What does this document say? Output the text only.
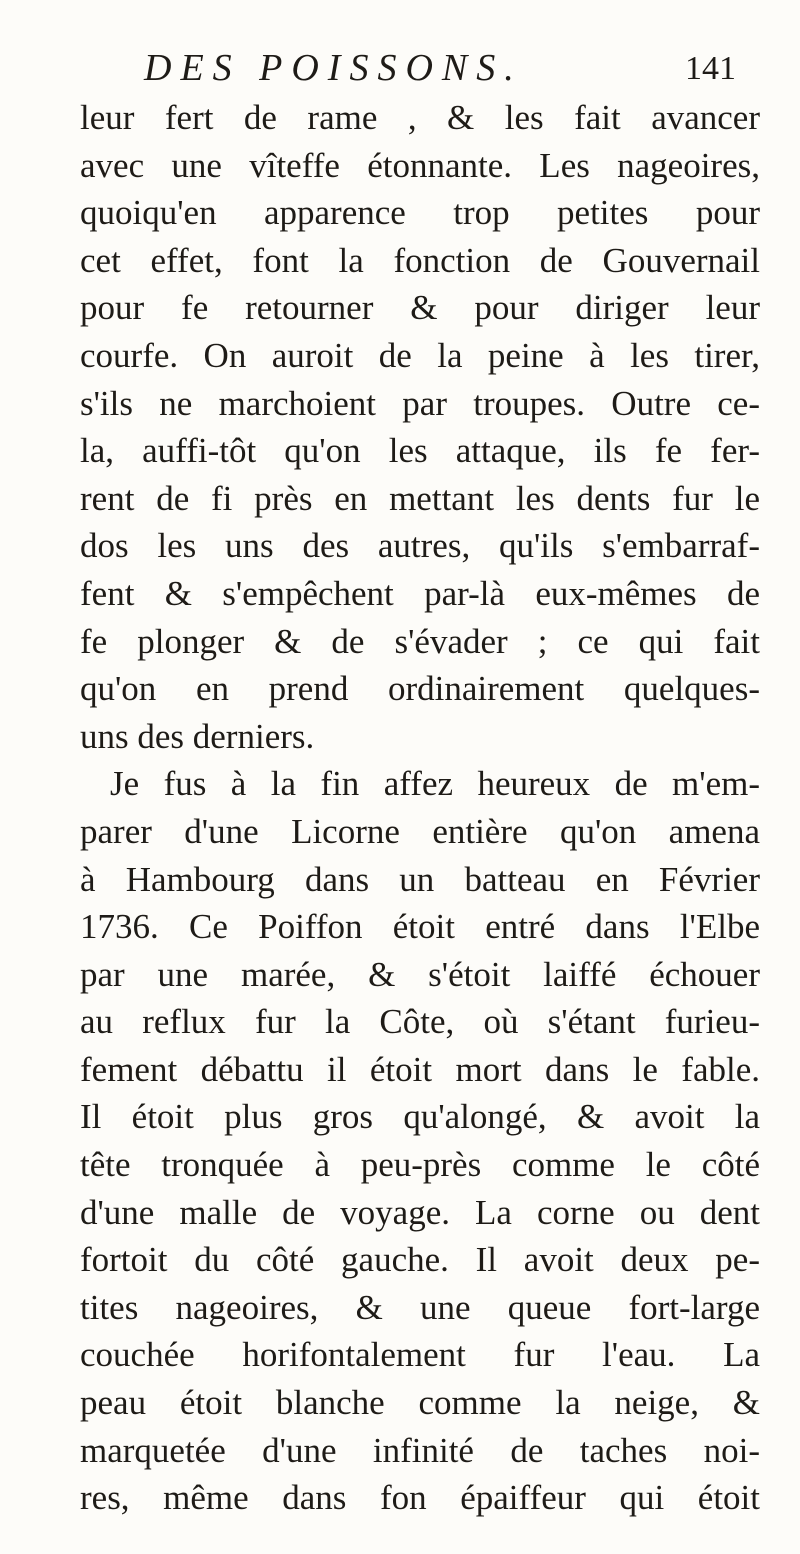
DES POISSONS.	141
leur fert de rame , & les fait avancer
avec une vîteffe étonnante. Les nageoires,
quoiqu'en apparence trop petites pour
cet effet, font la fonction de Gouvernail
pour fe retourner & pour diriger leur
courfe. On auroit de la peine à les tirer,
s'ils ne marchoient par troupes. Outre ce-
la, auffi-tôt qu'on les attaque, ils fe fer-
rent de fi près en mettant les dents fur le
dos les uns des autres, qu'ils s'embarraf-
fent & s'empêchent par-là eux-mêmes de
fe plonger & de s'évader ; ce qui fait
qu'on en prend ordinairement quelques-
uns des derniers.
Je fus à la fin affez heureux de m'em-
parer d'une Licorne entière qu'on amena
à Hambourg dans un batteau en Février
1736. Ce Poiffon étoit entré dans l'Elbe
par une marée, & s'étoit laiffé échouer
au reflux fur la Côte, où s'étant furieu-
fement débattu il étoit mort dans le fable.
Il étoit plus gros qu'alongé, & avoit la
tête tronquée à peu-près comme le côté
d'une malle de voyage. La corne ou dent
fortoit du côté gauche. Il avoit deux pe-
tites nageoires, & une queue fort-large
couchée horifontalement fur l'eau. La
peau étoit blanche comme la neige, &
marquetée d'une infinité de taches noi-
res, même dans fon épaiffeur qui étoit
